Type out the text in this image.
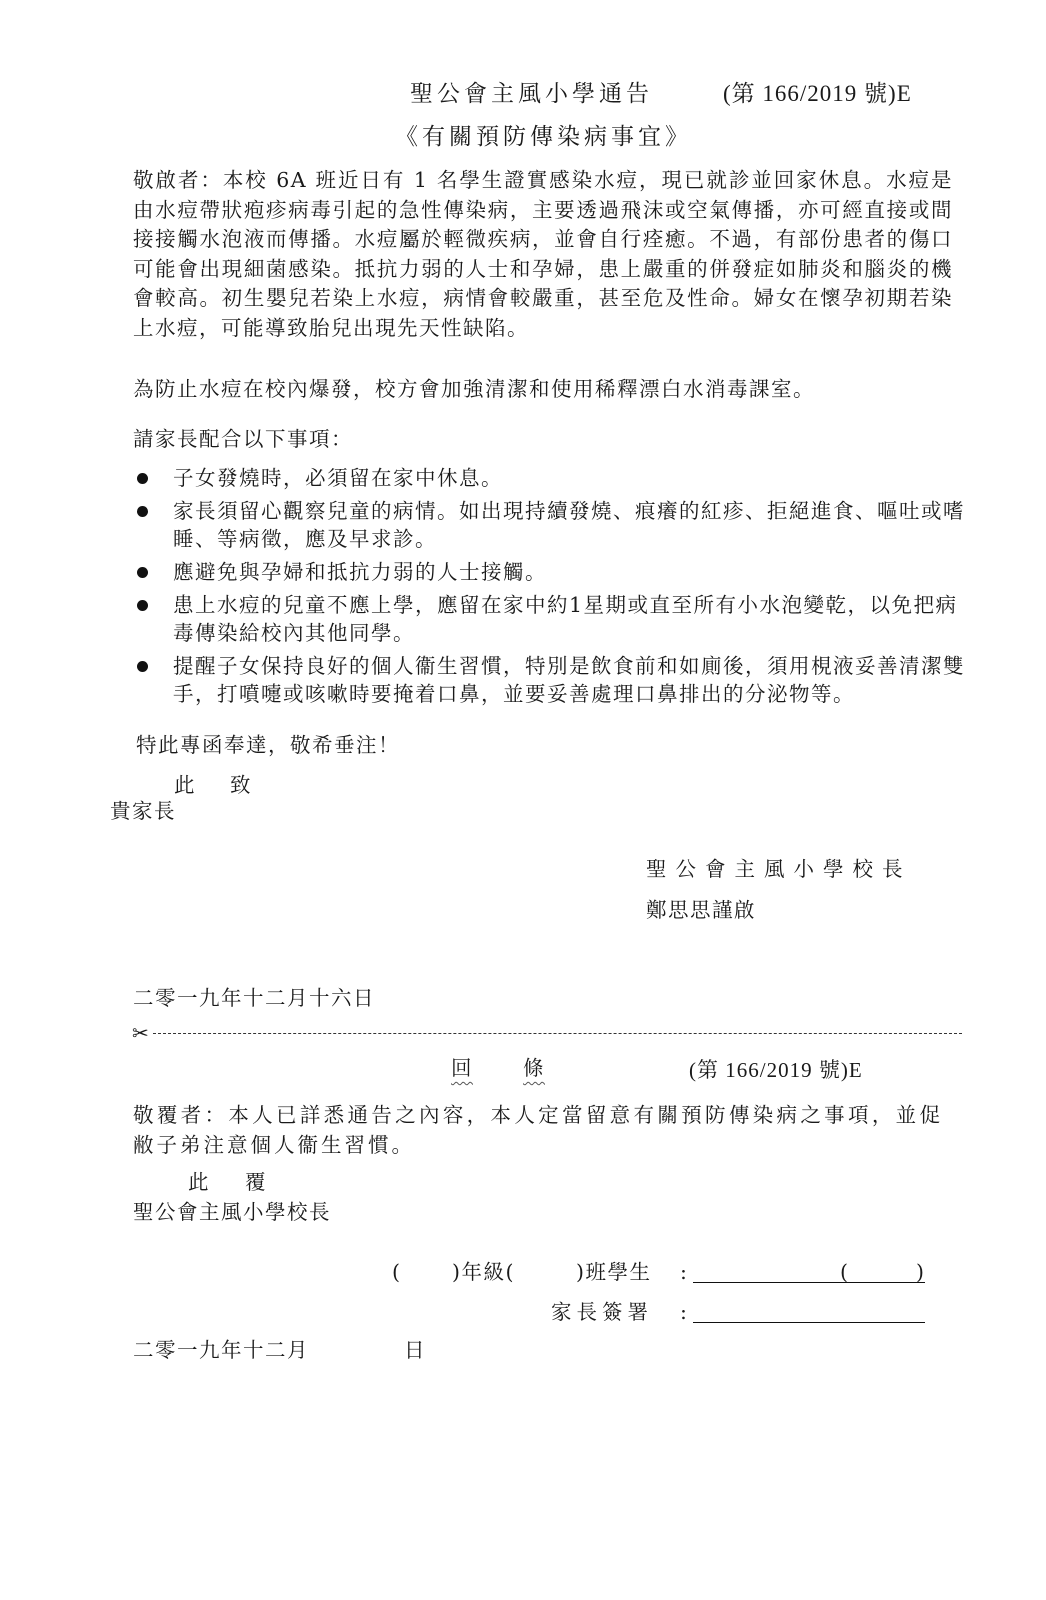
聖公會主風小學通告	(第 166/2019 號)E
《有關預防傳染病事宜》
敬啟者：本校 6A 班近日有 1 名學生證實感染水痘，現已就診並回家休息。水痘是由水痘帶狀疱疹病毒引起的急性傳染病，主要透過飛沫或空氣傳播，亦可經直接或間接接觸水泡液而傳播。水痘屬於輕微疾病，並會自行痊癒。不過，有部份患者的傷口可能會出現細菌感染。抵抗力弱的人士和孕婦，患上嚴重的併發症如肺炎和腦炎的機會較高。初生嬰兒若染上水痘，病情會較嚴重，甚至危及性命。婦女在懷孕初期若染上水痘，可能導致胎兒出現先天性缺陷。
為防止水痘在校內爆發，校方會加強清潔和使用稀釋漂白水消毒課室。
請家長配合以下事項：
子女發燒時，必須留在家中休息。
家長須留心觀察兒童的病情。如出現持續發燒、痕癢的紅疹、拒絕進食、嘔吐或嗜睡、等病徵，應及早求診。
應避免與孕婦和抵抗力弱的人士接觸。
患上水痘的兒童不應上學，應留在家中約1星期或直至所有小水泡變乾，以免把病毒傳染給校內其他同學。
提醒子女保持良好的個人衞生習慣，特別是飲食前和如廁後，須用梘液妥善清潔雙手，打噴嚏或咳嗽時要掩着口鼻，並要妥善處理口鼻排出的分泌物等。
特此專函奉達，敬希垂注！
此 致
貴家長
聖公會主風小學校長
鄭思思謹啟
二零一九年十二月十六日
✂
回 條	(第 166/2019 號)E
敬覆者：本人已詳悉通告之內容，本人定當留意有關預防傳染病之事項，並促敝子弟注意個人衞生習慣。
此 覆
聖公會主風小學校長
( )年級(	)班學生 :	(	)
家長簽署 :
二零一九年十二月	日
